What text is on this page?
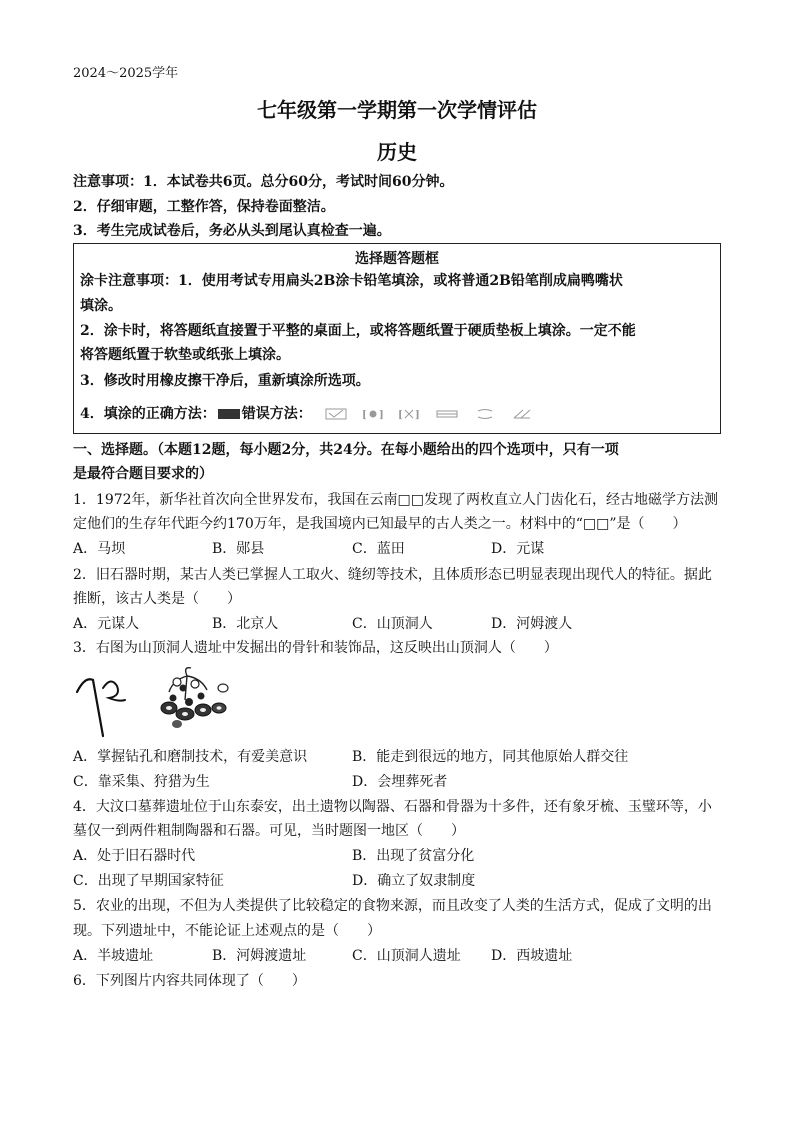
2024～2025学年
七年级第一学期第一次学情评估
历史
注意事项：1．本试卷共6页。总分60分，考试时间60分钟。
2．仔细审题，工整作答，保持卷面整洁。
3．考生完成试卷后，务必从头到尾认真检查一遍。
选择题答题框
涂卡注意事项：1．使用考试专用扁头2B涂卡铅笔填涂，或将普通2B铅笔削成扁鸭嘴状
填涂。
2．涂卡时，将答题纸直接置于平整的桌面上，或将答题纸置于硬质垫板上填涂。一定不能
将答题纸置于软垫或纸张上填涂。
3．修改时用橡皮擦干净后，重新填涂所选项。
4．填涂的正确方法： 错误方法：	[ ]
[ ]

一、选择题。（本题12题，每小题2分，共24分。在每小题给出的四个选项中，只有一项
是最符合题目要求的）
1．1972年，新华社首次向全世界发布，我国在云南□□发现了两枚直立人门齿化石，经古地磁学方法测
定他们的生存年代距今约170万年，是我国境内已知最早的古人类之一。材料中的“□□”是（　　）
A．马坝	B．郧县	C．蓝田	D．元谋
2．旧石器时期，某古人类已掌握人工取火、缝纫等技术，且体质形态已明显表现出现代人的特征。据此
推断，该古人类是（　　）
A．元谋人	B．北京人	C．山顶洞人	D．河姆渡人
3．右图为山顶洞人遗址中发掘出的骨针和装饰品，这反映出山顶洞人（　　）
A．掌握钻孔和磨制技术，有爱美意识	B．能走到很远的地方，同其他原始人群交往
C．靠采集、狩猎为生	D．会埋葬死者
4．大汶口墓葬遗址位于山东泰安，出土遗物以陶器、石器和骨器为十多件，还有象牙梳、玉璧环等，小
墓仅一到两件粗制陶器和石器。可见，当时题图一地区（　　）
A．处于旧石器时代	B．出现了贫富分化
C．出现了早期国家特征	D．确立了奴隶制度
5．农业的出现，不但为人类提供了比较稳定的食物来源，而且改变了人类的生活方式，促成了文明的出
现。下列遗址中，不能论证上述观点的是（　　）
A．半坡遗址	B．河姆渡遗址	C．山顶洞人遗址 D．西坡遗址
6．下列图片内容共同体现了（　　）
